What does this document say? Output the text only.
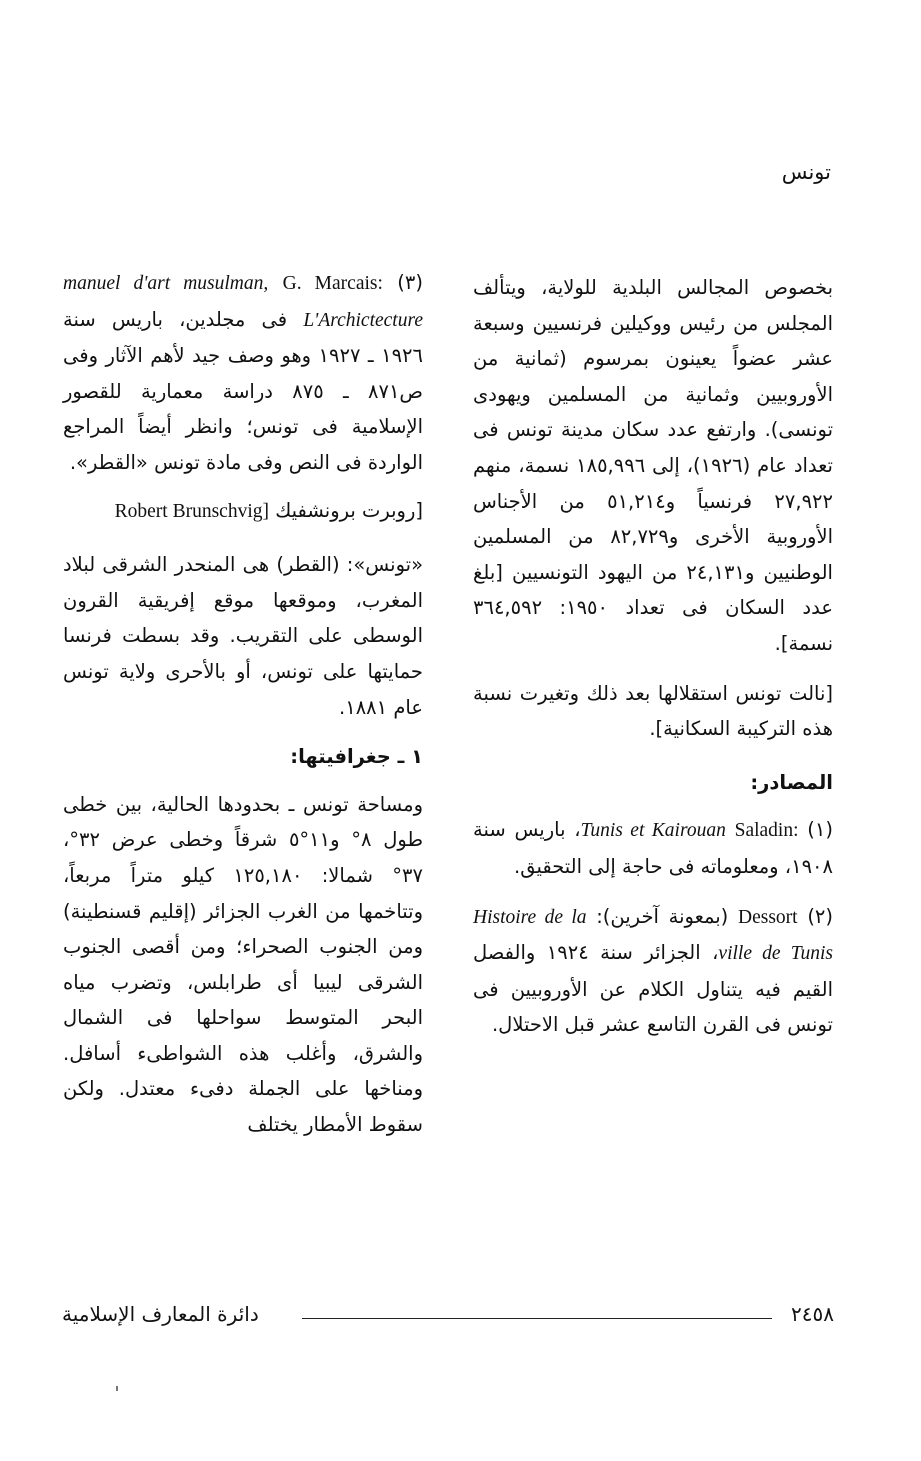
تونس

بخصوص المجالس البلدية للولاية، ويتألف المجلس من رئيس ووكيلين فرنسيين وسبعة عشر عضواً يعينون بمرسوم (ثمانية من الأوروبيين وثمانية من المسلمين ويهودى تونسى). وارتفع عدد سكان مدينة تونس فى تعداد عام (١٩٢٦)، إلى ١٨٥,٩٩٦ نسمة، منهم ٢٧,٩٢٢ فرنسياً و٥١,٢١٤ من الأجناس الأوروبية الأخرى و٨٢,٧٢٩ من المسلمين الوطنيين و٢٤,١٣١ من اليهود التونسيين [بلغ عدد السكان فى تعداد ١٩٥٠: ٣٦٤,٥٩٢ نسمة].

[نالت تونس استقلالها بعد ذلك وتغيرت نسبة هذه التركيبة السكانية].

المصادر:

(١) Saladin: Tunis et Kairouan، باريس سنة ١٩٠٨، ومعلوماته فى حاجة إلى التحقيق.

(٢) Dessort (بمعونة آخرين): Histoire de la ville de Tunis، الجزائر سنة ١٩٢٤ والفصل القيم فيه يتناول الكلام عن الأوروبيين فى تونس فى القرن التاسع عشر قبل الاحتلال.

(٣) G. Marcais: manuel d'art musulman, L'Archictecture فى مجلدين، باريس سنة ١٩٢٦ ـ ١٩٢٧ وهو وصف جيد لأهم الآثار وفى ص٨٧١ ـ ٨٧٥ دراسة معمارية للقصور الإسلامية فى تونس؛ وانظر أيضاً المراجع الواردة فى النص وفى مادة تونس «القطر».

[روبرت برونشفيك Robert Brunschvig]

«تونس»: (القطر) هى المنحدر الشرقى لبلاد المغرب، وموقعها موقع إفريقية القرون الوسطى على التقريب. وقد بسطت فرنسا حمايتها على تونس، أو بالأحرى ولاية تونس عام ١٨٨١.

١ ـ جغرافيتها:

ومساحة تونس ـ بحدودها الحالية، بين خطى طول ٨° و١١°٥ شرقاً وخطى عرض ٣٢°، ٣٧° شمالا: ١٢٥,١٨٠ كيلو متراً مربعاً، وتتاخمها من الغرب الجزائر (إقليم قسنطينة) ومن الجنوب الصحراء؛ ومن أقصى الجنوب الشرقى ليبيا أى طرابلس، وتضرب مياه البحر المتوسط سواحلها فى الشمال والشرق، وأغلب هذه الشواطىء أسافل. ومناخها على الجملة دفىء معتدل. ولكن سقوط الأمطار يختلف

٢٤٥٨
دائرة المعارف الإسلامية
